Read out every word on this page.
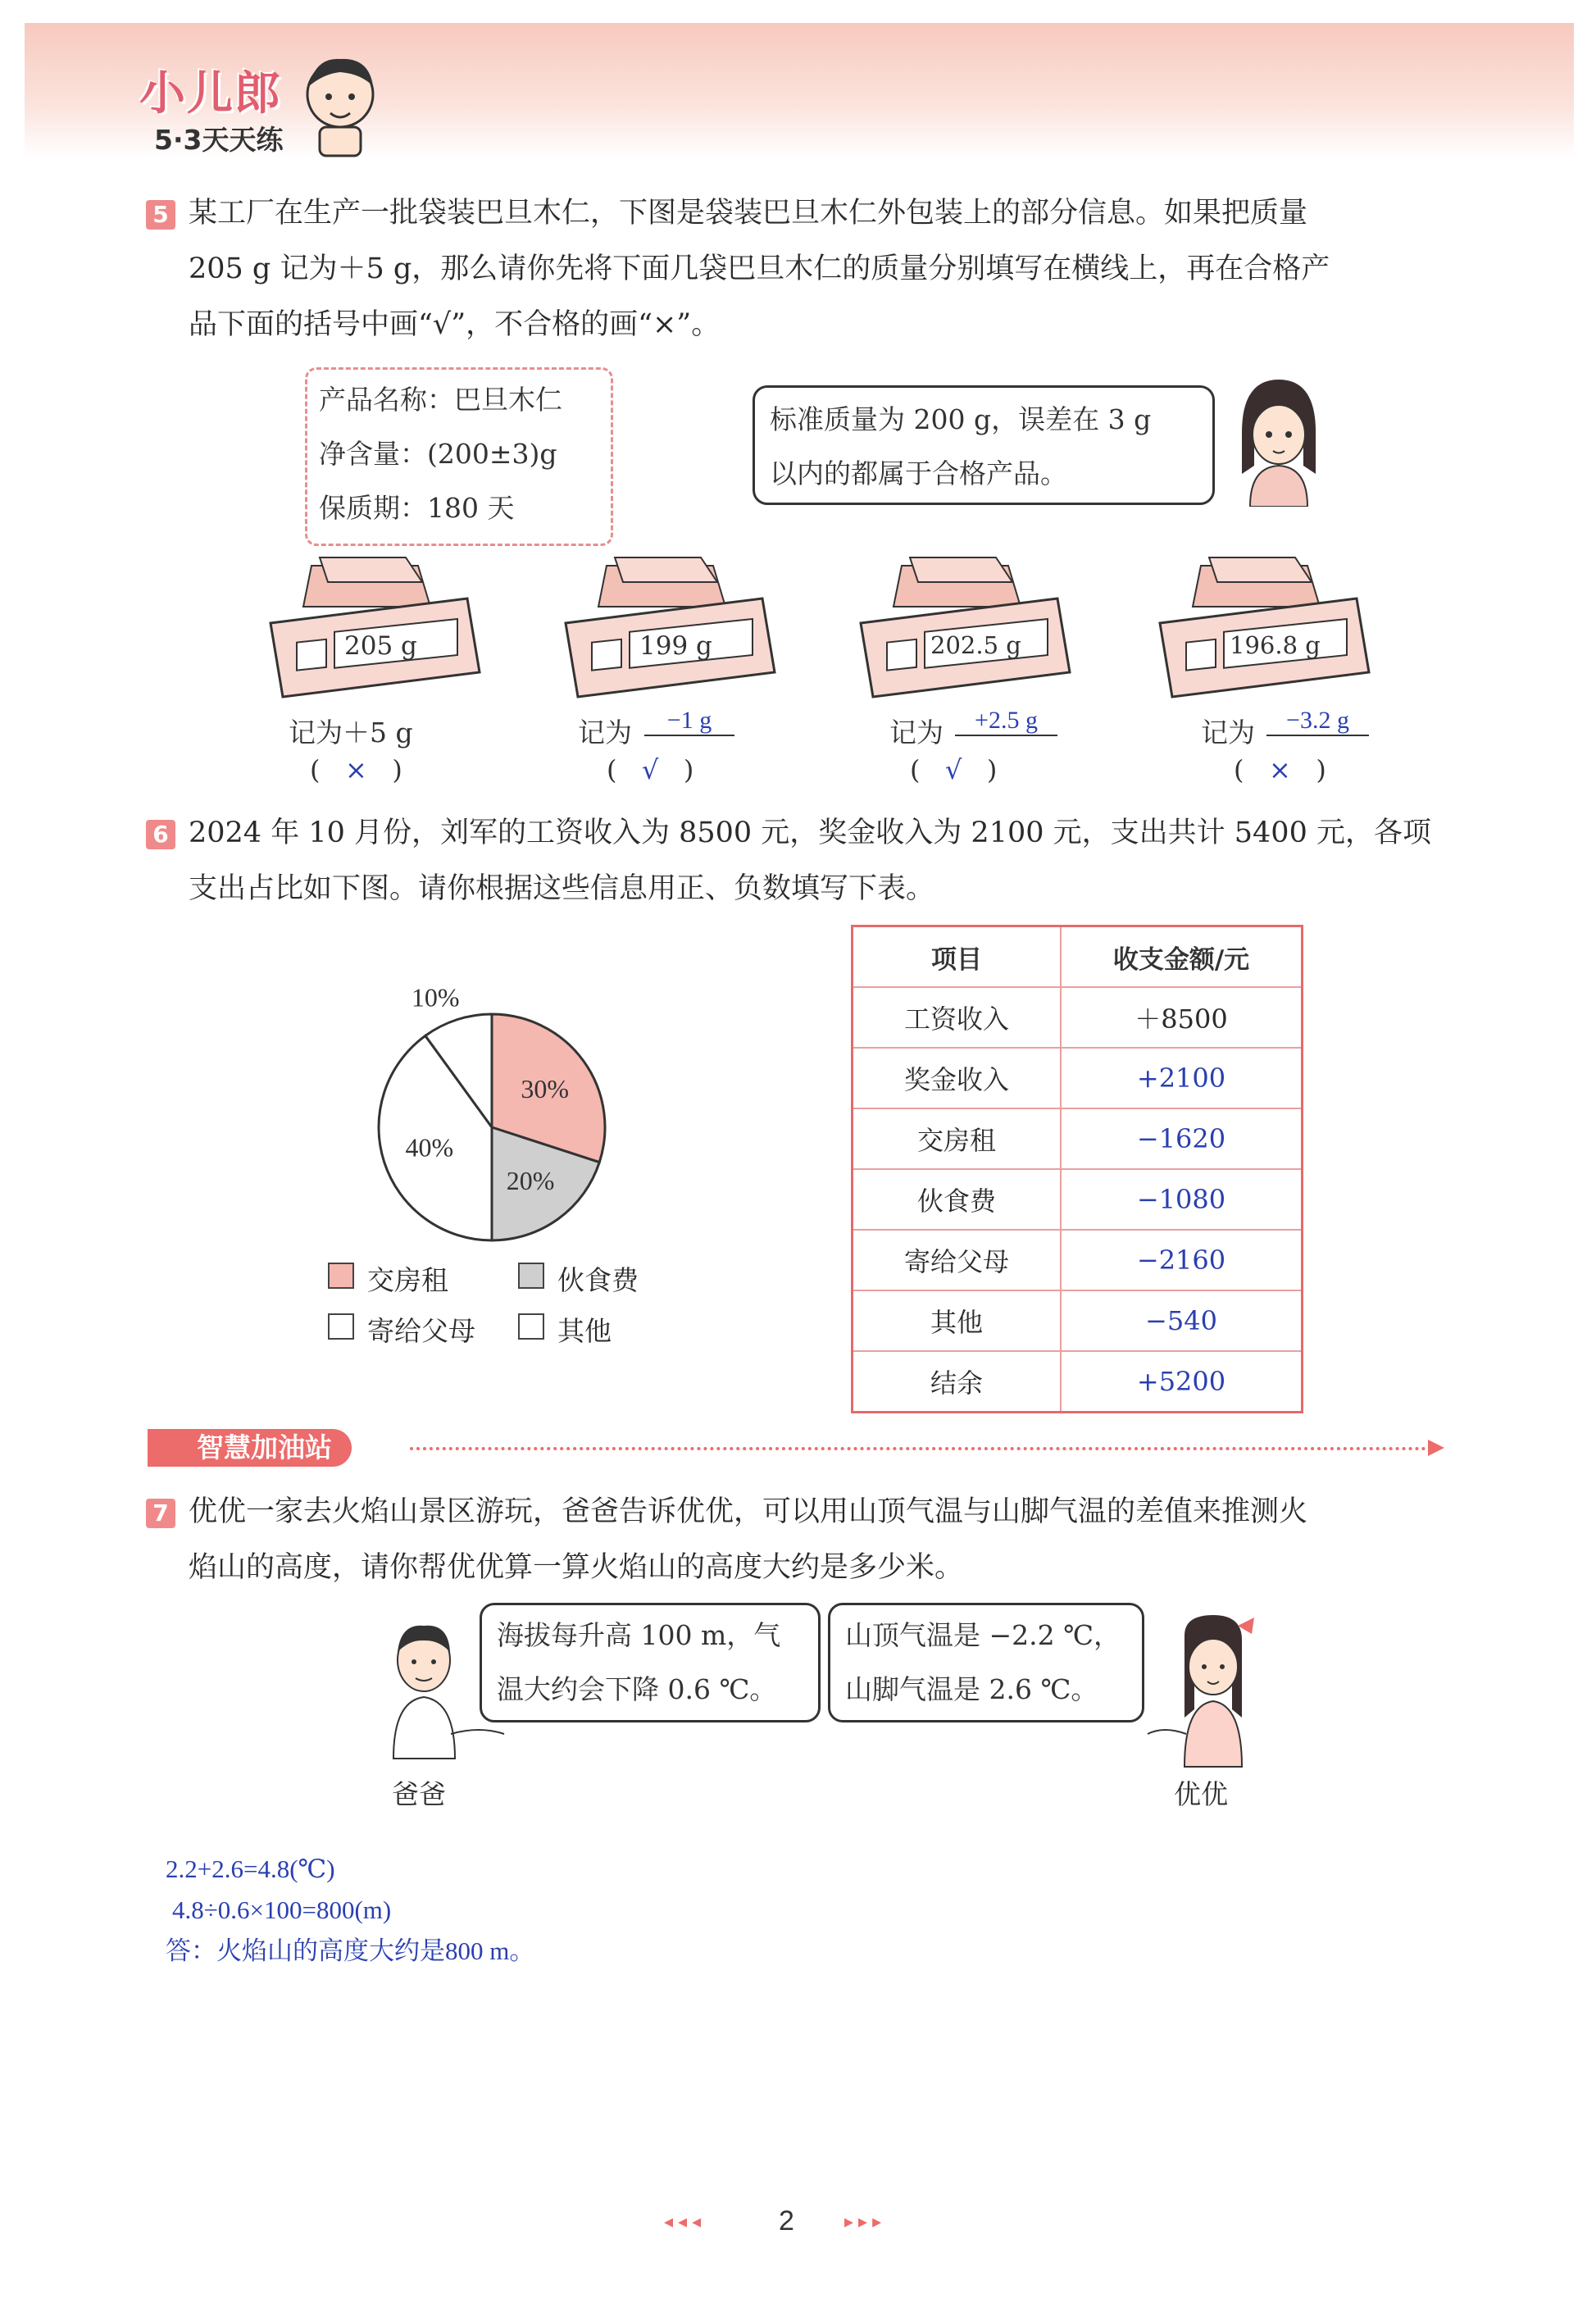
小儿郎
5·3天天练
5 某工厂在生产一批袋装巴旦木仁，下图是袋装巴旦木仁外包装上的部分信息。如果把质量
205 g 记为＋5 g，那么请你先将下面几袋巴旦木仁的质量分别填写在横线上，再在合格产
品下面的括号中画“√”，不合格的画“×”。
产品名称：巴旦木仁
净含量：(200±3)g
保质期：180 天
标准质量为 200 g，误差在 3 g
以内的都属于合格产品。
205 g	199 g	202.5 g	196.8 g
记为＋5 g
(   ×   )
记为	−1 g
(   √   )
记为	+2.5 g
(   √   )
记为	−3.2 g
(   ×   )
6 2024 年 10 月份，刘军的工资收入为 8500 元，奖金收入为 2100 元，支出共计 5400 元，各项
支出占比如下图。请你根据这些信息用正、负数填写下表。
30%
20%
40%
10%
交房租	伙食费
寄给父母	其他
项目	收支金额/元
工资收入	＋8500
奖金收入	+2100
交房租	−1620
伙食费	−1080
寄给父母	−2160
其他	−540
结余	+5200
智慧加油站
7 优优一家去火焰山景区游玩，爸爸告诉优优，可以用山顶气温与山脚气温的差值来推测火
焰山的高度，请你帮优优算一算火焰山的高度大约是多少米。
海拔每升高 100 m，气
温大约会下降 0.6 ℃。
山顶气温是 −2.2 ℃，
山脚气温是 2.6 ℃。
爸爸	优优
2.2+2.6=4.8(℃)
4.8÷0.6×100=800(m)
答：火焰山的高度大约是800 m。
◂◂◂	2	▸▸▸
